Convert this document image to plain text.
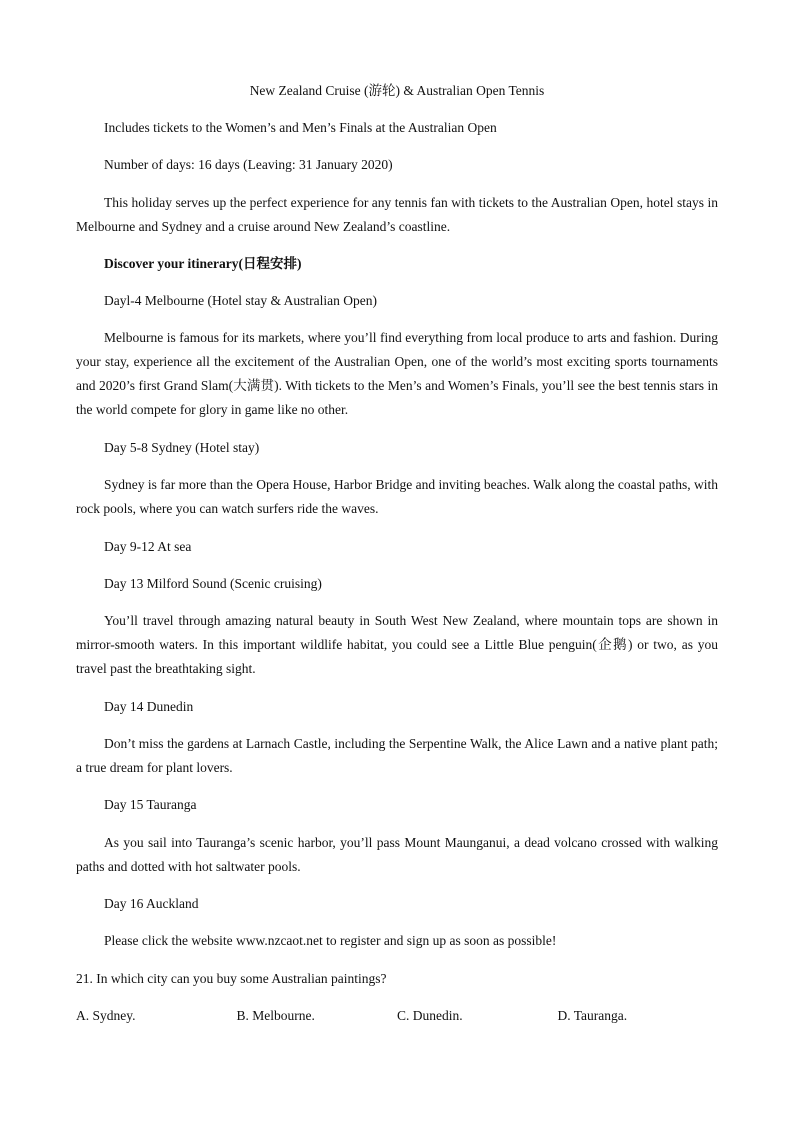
New Zealand Cruise (游轮) & Australian Open Tennis
Includes tickets to the Women’s and Men’s Finals at the Australian Open
Number of days: 16 days (Leaving: 31 January 2020)
This holiday serves up the perfect experience for any tennis fan with tickets to the Australian Open, hotel stays in Melbourne and Sydney and a cruise around New Zealand’s coastline.
Discover your itinerary(日程安排)
Dayl-4 Melbourne (Hotel stay & Australian Open)
Melbourne is famous for its markets, where you’ll find everything from local produce to arts and fashion. During your stay, experience all the excitement of the Australian Open, one of the world’s most exciting sports tournaments and 2020’s first Grand Slam(大满贯). With tickets to the Men’s and Women’s Finals, you’ll see the best tennis stars in the world compete for glory in game like no other.
Day 5-8 Sydney (Hotel stay)
Sydney is far more than the Opera House, Harbor Bridge and inviting beaches. Walk along the coastal paths, with rock pools, where you can watch surfers ride the waves.
Day 9-12 At sea
Day 13 Milford Sound (Scenic cruising)
You’ll travel through amazing natural beauty in South West New Zealand, where mountain tops are shown in mirror-smooth waters. In this important wildlife habitat, you could see a Little Blue penguin(企鹅) or two, as you travel past the breathtaking sight.
Day 14 Dunedin
Don’t miss the gardens at Larnach Castle, including the Serpentine Walk, the Alice Lawn and a native plant path; a true dream for plant lovers.
Day 15 Tauranga
As you sail into Tauranga’s scenic harbor, you’ll pass Mount Maunganui, a dead volcano crossed with walking paths and dotted with hot saltwater pools.
Day 16 Auckland
Please click the website www.nzcaot.net to register and sign up as soon as possible!
21. In which city can you buy some Australian paintings?
A. Sydney.	B. Melbourne.	C. Dunedin.	D. Tauranga.
